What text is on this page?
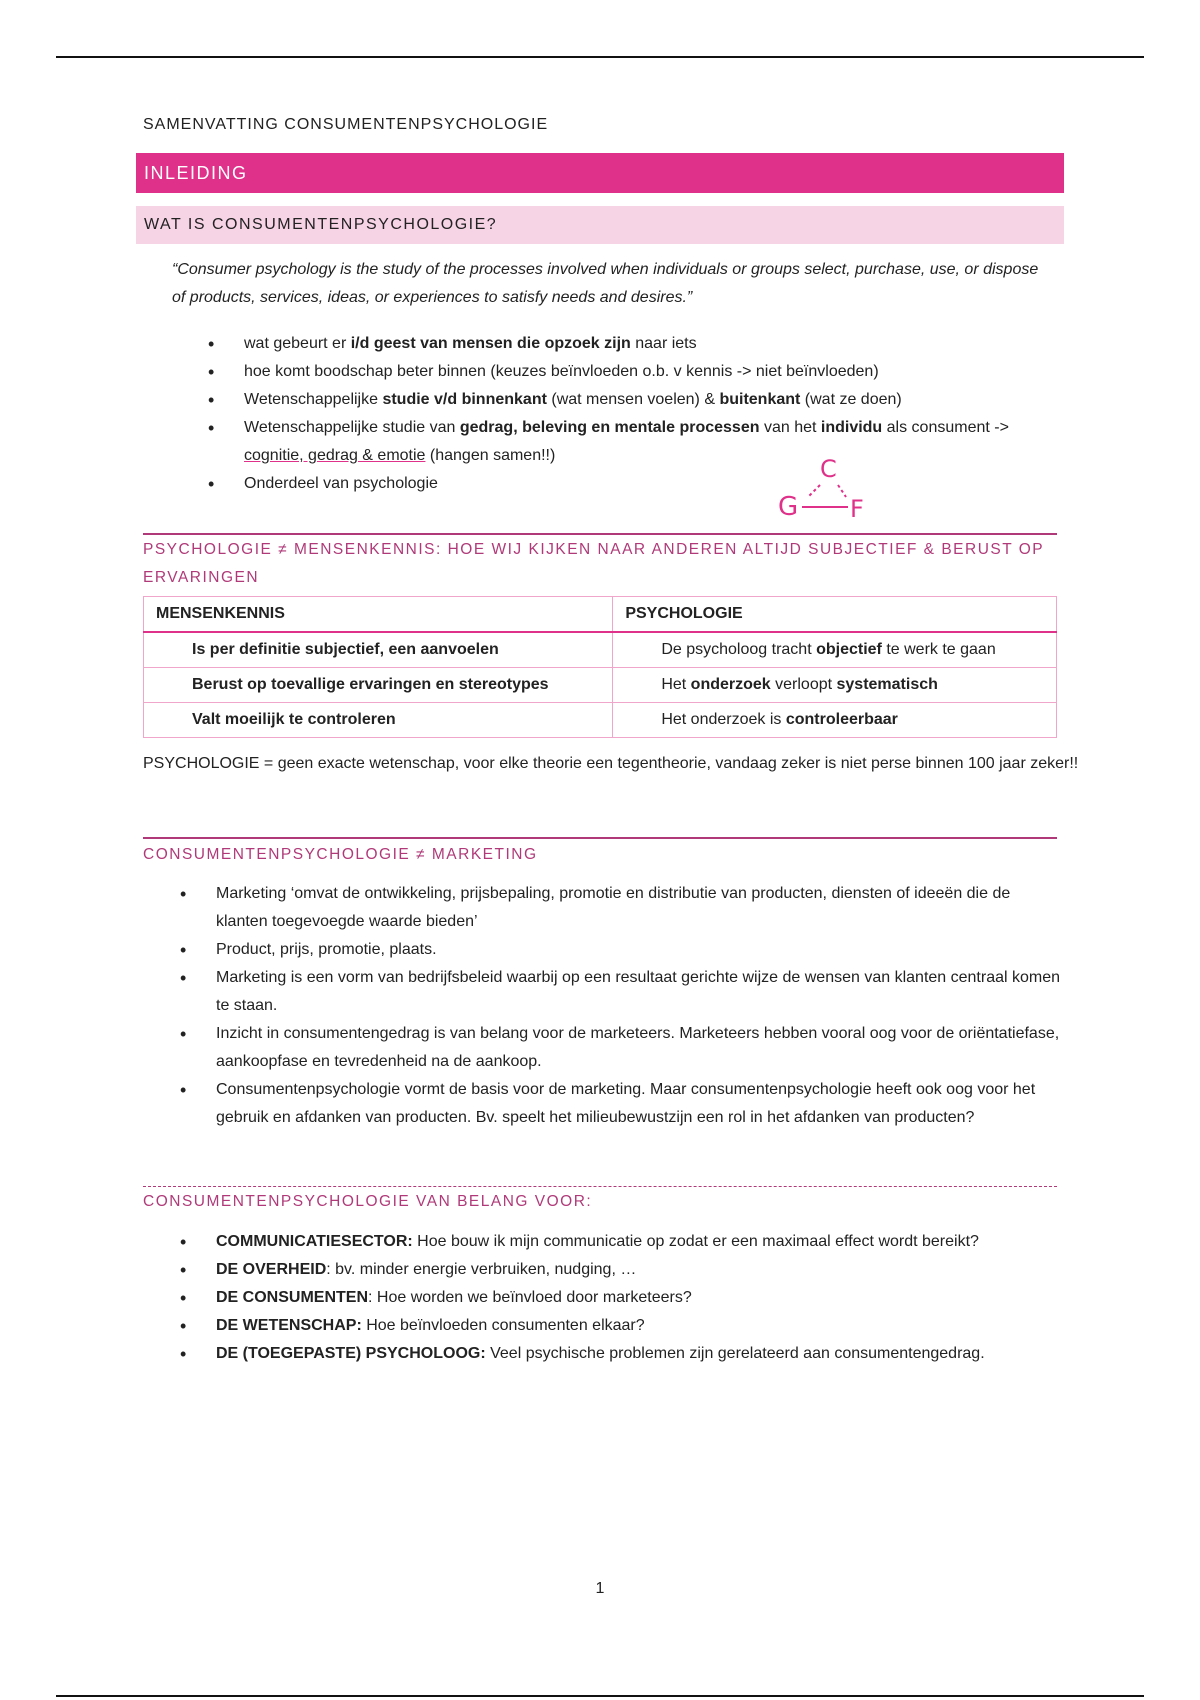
SAMENVATTING CONSUMENTENPSYCHOLOGIE
INLEIDING
WAT IS CONSUMENTENPSYCHOLOGIE?
“Consumer psychology is the study of the processes involved when individuals or groups select, purchase, use, or dispose of products, services, ideas, or experiences to satisfy needs and desires.”
• wat gebeurt er i/d geest van mensen die opzoek zijn naar iets
• hoe komt boodschap beter binnen (keuzes beïnvloeden o.b. v kennis -> niet beïnvloeden)
• Wetenschappelijke studie v/d binnenkant (wat mensen voelen) & buitenkant (wat ze doen)
• Wetenschappelijke studie van gedrag, beleving en mentale processen van het individu als consument -> cognitie, gedrag & emotie (hangen samen!!)
• Onderdeel van psychologie
C
G F
PSYCHOLOGIE ≠ MENSENKENNIS: HOE WIJ KIJKEN NAAR ANDEREN ALTIJD SUBJECTIEF & BERUST OP ERVARINGEN
MENSENKENNIS	PSYCHOLOGIE
Is per definitie subjectief, een aanvoelen	De psycholoog tracht objectief te werk te gaan
Berust op toevallige ervaringen en stereotypes	Het onderzoek verloopt systematisch
Valt moeilijk te controleren	Het onderzoek is controleerbaar
PSYCHOLOGIE = geen exacte wetenschap, voor elke theorie een tegentheorie, vandaag zeker is niet perse binnen 100 jaar zeker!!
CONSUMENTENPSYCHOLOGIE ≠ MARKETING
• Marketing ‘omvat de ontwikkeling, prijsbepaling, promotie en distributie van producten, diensten of ideeën die de klanten toegevoegde waarde bieden’
• Product, prijs, promotie, plaats.
• Marketing is een vorm van bedrijfsbeleid waarbij op een resultaat gerichte wijze de wensen van klanten centraal komen te staan.
• Inzicht in consumentengedrag is van belang voor de marketeers. Marketeers hebben vooral oog voor de oriëntatiefase, aankoopfase en tevredenheid na de aankoop.
• Consumentenpsychologie vormt de basis voor de marketing. Maar consumentenpsychologie heeft ook oog voor het gebruik en afdanken van producten. Bv. speelt het milieubewustzijn een rol in het afdanken van producten?
CONSUMENTENPSYCHOLOGIE VAN BELANG VOOR:
• COMMUNICATIESECTOR: Hoe bouw ik mijn communicatie op zodat er een maximaal effect wordt bereikt?
• DE OVERHEID: bv. minder energie verbruiken, nudging, …
• DE CONSUMENTEN: Hoe worden we beïnvloed door marketeers?
• DE WETENSCHAP: Hoe beïnvloeden consumenten elkaar?
• DE (TOEGEPASTE) PSYCHOLOOG: Veel psychische problemen zijn gerelateerd aan consumentengedrag.
1
